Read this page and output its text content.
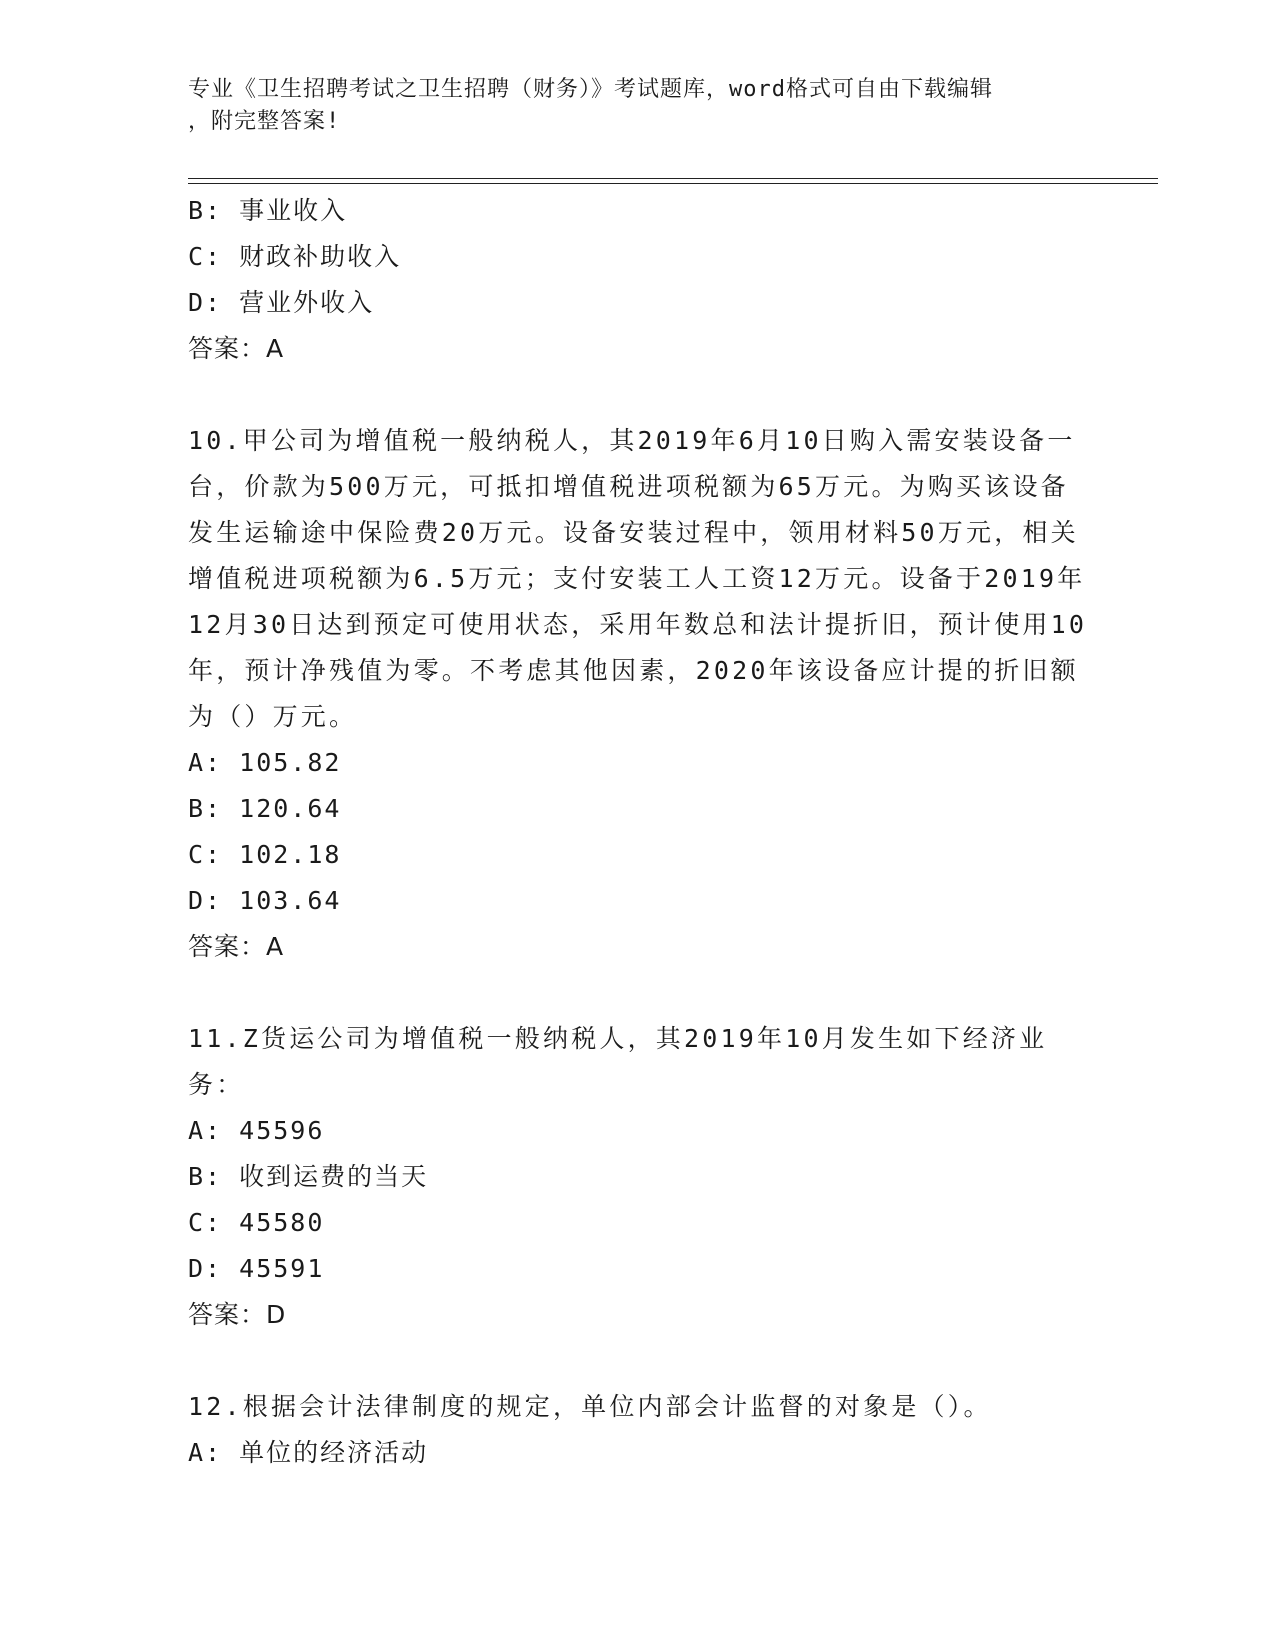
专业《卫生招聘考试之卫生招聘（财务）》考试题库，word格式可自由下载编辑

，附完整答案!

B: 事业收入
C: 财政补助收入
D: 营业外收入
答案：A

10.甲公司为增值税一般纳税人，其2019年6月10日购入需安装设备一台，价款为500万元，可抵扣增值税进项税额为65万元。为购买该设备发生运输途中保险费20万元。设备安装过程中，领用材料50万元，相关增值税进项税额为6.5万元；支付安装工人工资12万元。设备于2019年12月30日达到预定可使用状态，采用年数总和法计提折旧，预计使用10年，预计净残值为零。不考虑其他因素，2020年该设备应计提的折旧额为（）万元。

A: 105.82
B: 120.64
C: 102.18
D: 103.64
答案：A

11.Z货运公司为增值税一般纳税人，其2019年10月发生如下经济业务：

A: 45596
B: 收到运费的当天
C: 45580
D: 45591
答案：D

12.根据会计法律制度的规定，单位内部会计监督的对象是（）。

A: 单位的经济活动
